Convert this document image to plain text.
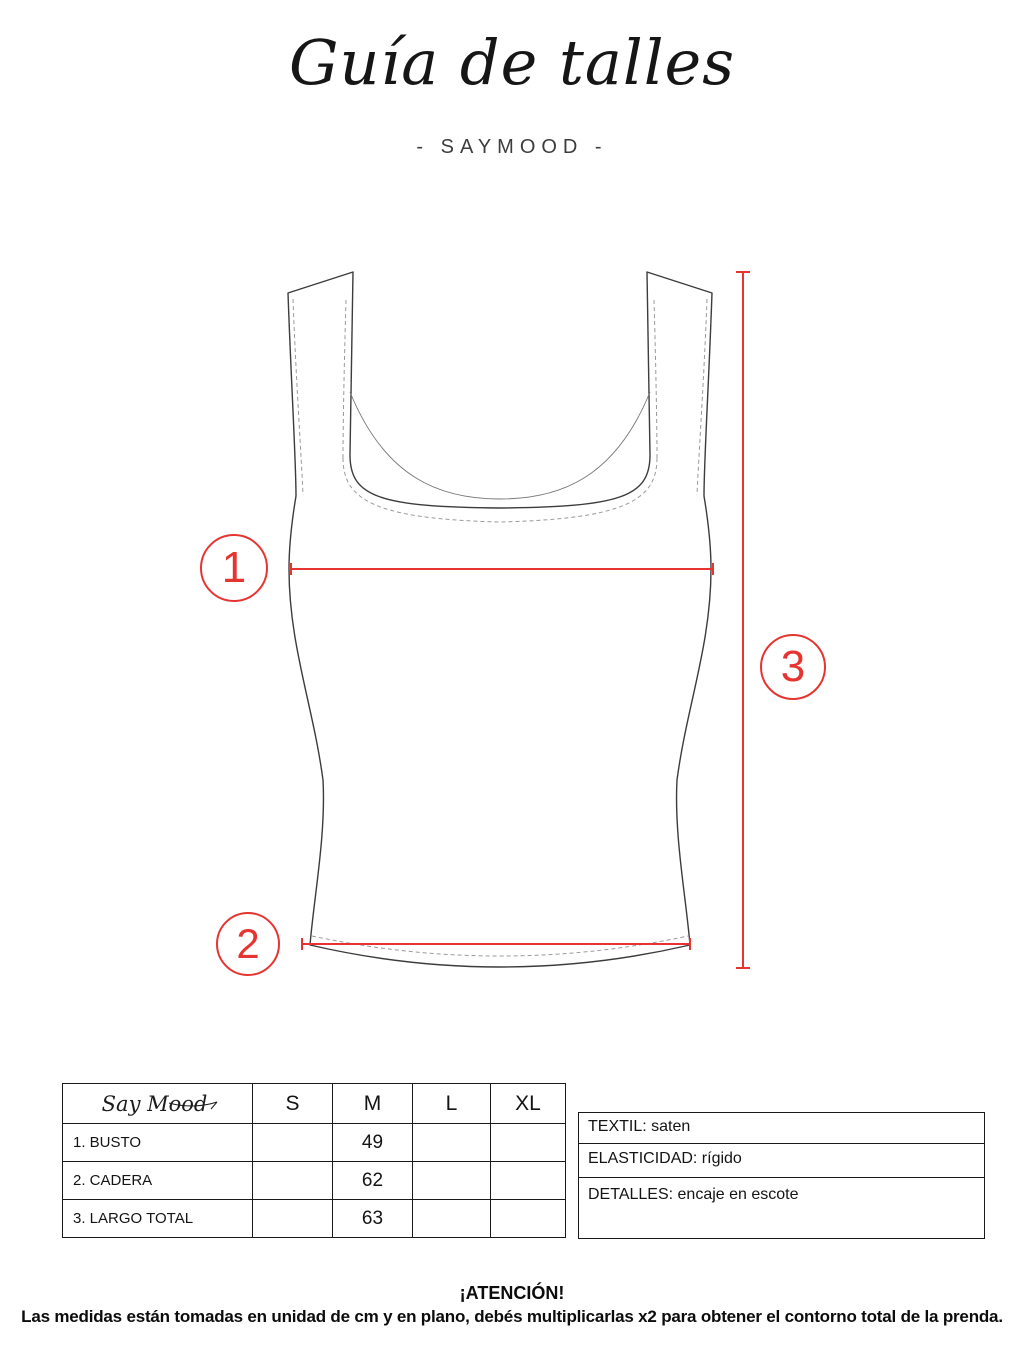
Guía de talles
- SAYMOOD -
1
2
3
Say Mood	S	M	L	XL
1. BUSTO		49		
2. CADERA		62		
3. LARGO TOTAL		63		
TEXTIL: saten
ELASTICIDAD: rígido
DETALLES: encaje en escote
¡ATENCIÓN!
Las medidas están tomadas en unidad de cm y en plano, debés multiplicarlas x2 para obtener el contorno total de la prenda.
